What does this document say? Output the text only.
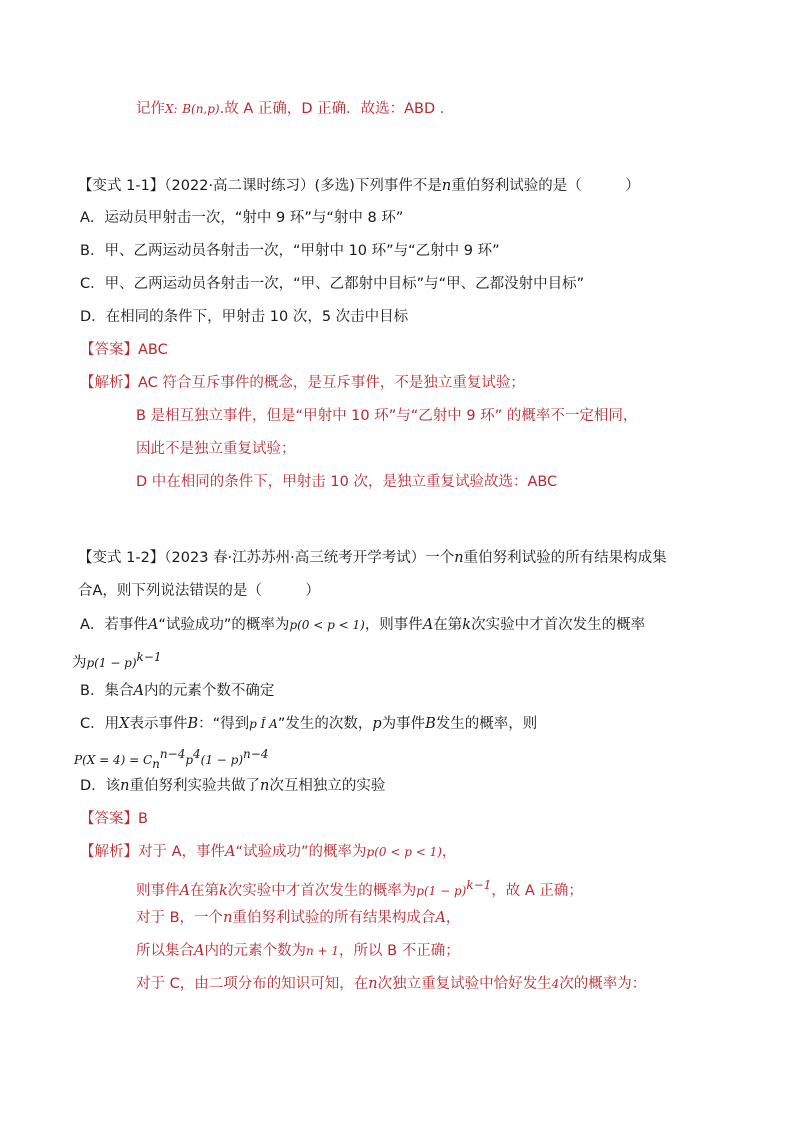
记作X: B(n,p).故 A 正确，D 正确．故选：ABD ．
【变式 1-1】（2022·高二课时练习）(多选)下列事件不是n重伯努利试验的是（　　　）
A．运动员甲射击一次，“射中 9 环”与“射中 8 环”
B．甲、乙两运动员各射击一次，“甲射中 10 环”与“乙射中 9 环”
C．甲、乙两运动员各射击一次，“甲、乙都射中目标”与“甲、乙都没射中目标”
D．在相同的条件下，甲射击 10 次，5 次击中目标
【答案】ABC
【解析】AC 符合互斥事件的概念，是互斥事件，不是独立重复试验；
B 是相互独立事件，但是“甲射中 10 环”与“乙射中 9 环” 的概率不一定相同，
因此不是独立重复试验；
D 中在相同的条件下，甲射击 10 次，是独立重复试验故选：ABC
【变式 1-2】（2023 春·江苏苏州·高三统考开学考试）一个n重伯努利试验的所有结果构成集
合A，则下列说法错误的是（　　　）
A．若事件A“试验成功”的概率为p(0 < p < 1)，则事件A在第k次实验中才首次发生的概率
为$p(1 - p)^{k-1}$
B．集合A内的元素个数不确定
C．用X表示事件B：“得到p Î A”发生的次数，p为事件B发生的概率，则
$P(X = 4) = C_n^{n-4}p^4(1 - p)^{n-4}$
D．该n重伯努利实验共做了n次互相独立的实验
【答案】B
【解析】对于 A，事件A“试验成功”的概率为p(0 < p < 1)，
则事件A在第k次实验中才首次发生的概率为$p(1 - p)^{k-1}$，故 A 正确；
对于 B，一个n重伯努利试验的所有结果构成合A，
所以集合A内的元素个数为n + 1，所以 B 不正确；
对于 C，由二项分布的知识可知，在n次独立重复试验中恰好发生4次的概率为：
